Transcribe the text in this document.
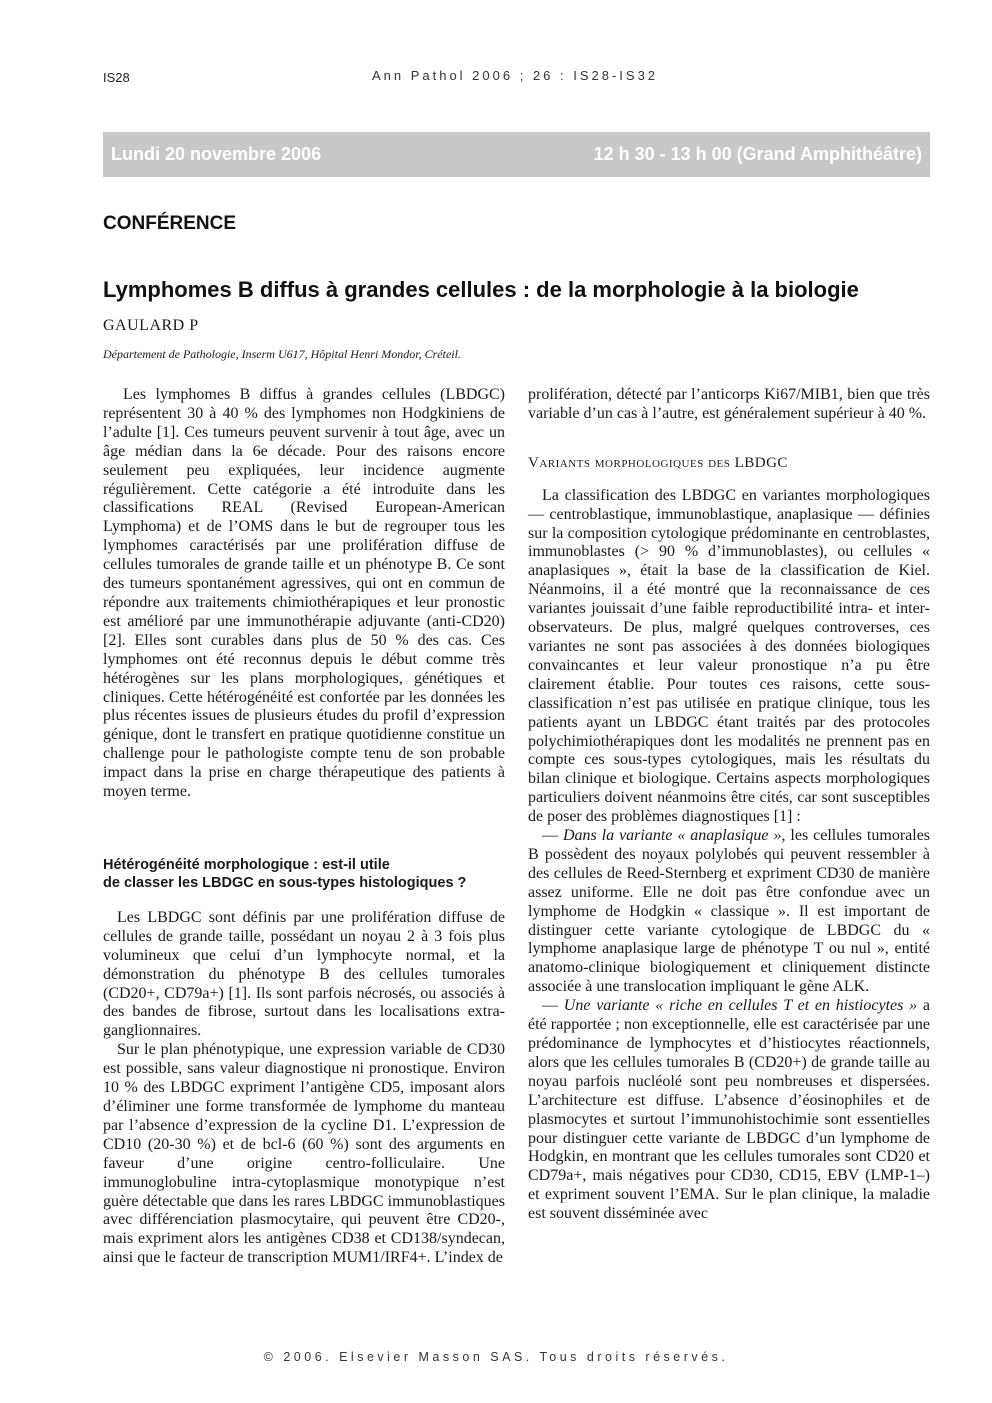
IS28	Ann Pathol 2006 ; 26 : IS28-IS32
Lundi 20 novembre 2006	12 h 30 - 13 h 00 (Grand Amphithéâtre)
CONFÉRENCE
Lymphomes B diffus à grandes cellules : de la morphologie à la biologie
GAULARD P
Département de Pathologie, Inserm U617, Hôpital Henri Mondor, Créteil.

Les lymphomes B diffus à grandes cellules (LBDGC) représentent 30 à 40 % des lymphomes non Hodgkiniens de l’adulte [1]. Ces tumeurs peuvent survenir à tout âge, avec un âge médian dans la 6e décade. Pour des raisons encore seulement peu expliquées, leur incidence augmente régulièrement. Cette catégorie a été introduite dans les classifications REAL (Revised European-American Lymphoma) et de l’OMS dans le but de regrouper tous les lymphomes caractérisés par une prolifération diffuse de cellules tumorales de grande taille et un phénotype B. Ce sont des tumeurs spontanément agressives, qui ont en commun de répondre aux traitements chimiothérapiques et leur pronostic est amélioré par une immunothérapie adjuvante (anti-CD20) [2]. Elles sont curables dans plus de 50 % des cas. Ces lymphomes ont été reconnus depuis le début comme très hétérogènes sur les plans morphologiques, génétiques et cliniques. Cette hétérogénéité est confortée par les données les plus récentes issues de plusieurs études du profil d’expression génique, dont le transfert en pratique quotidienne constitue un challenge pour le pathologiste compte tenu de son probable impact dans la prise en charge thérapeutique des patients à moyen terme.

Hétérogénéité morphologique : est-il utile
de classer les LBDGC en sous-types histologiques ?

Les LBDGC sont définis par une prolifération diffuse de cellules de grande taille, possédant un noyau 2 à 3 fois plus volumineux que celui d’un lymphocyte normal, et la démonstration du phénotype B des cellules tumorales (CD20+, CD79a+) [1]. Ils sont parfois nécrosés, ou associés à des bandes de fibrose, surtout dans les localisations extra-ganglionnaires.

Sur le plan phénotypique, une expression variable de CD30 est possible, sans valeur diagnostique ni pronostique. Environ 10 % des LBDGC expriment l’antigène CD5, imposant alors d’éliminer une forme transformée de lymphome du manteau par l’absence d’expression de la cycline D1. L’expression de CD10 (20-30 %) et de bcl-6 (60 %) sont des arguments en faveur d’une origine centro-folliculaire. Une immunoglobuline intra-cytoplasmique monotypique n’est guère détectable que dans les rares LBDGC immunoblastiques avec différenciation plasmocytaire, qui peuvent être CD20-, mais expriment alors les antigènes CD38 et CD138/syndecan, ainsi que le facteur de transcription MUM1/IRF4+. L’index de

prolifération, détecté par l’anticorps Ki67/MIB1, bien que très variable d’un cas à l’autre, est généralement supérieur à 40 %.

Variants morphologiques des LBDGC

La classification des LBDGC en variantes morphologiques — centroblastique, immunoblastique, anaplasique — définies sur la composition cytologique prédominante en centroblastes, immunoblastes (> 90 % d’immunoblastes), ou cellules « anaplasiques », était la base de la classification de Kiel. Néanmoins, il a été montré que la reconnaissance de ces variantes jouissait d’une faible reproductibilité intra- et inter-observateurs. De plus, malgré quelques controverses, ces variantes ne sont pas associées à des données biologiques convaincantes et leur valeur pronostique n’a pu être clairement établie. Pour toutes ces raisons, cette sous-classification n’est pas utilisée en pratique clinique, tous les patients ayant un LBDGC étant traités par des protocoles polychimiothérapiques dont les modalités ne prennent pas en compte ces sous-types cytologiques, mais les résultats du bilan clinique et biologique. Certains aspects morphologiques particuliers doivent néanmoins être cités, car sont susceptibles de poser des problèmes diagnostiques [1] :

— Dans la variante « anaplasique », les cellules tumorales B possèdent des noyaux polylobés qui peuvent ressembler à des cellules de Reed-Sternberg et expriment CD30 de manière assez uniforme. Elle ne doit pas être confondue avec un lymphome de Hodgkin « classique ». Il est important de distinguer cette variante cytologique de LBDGC du « lymphome anaplasique large de phénotype T ou nul », entité anatomo-clinique biologiquement et cliniquement distincte associée à une translocation impliquant le gène ALK.

— Une variante « riche en cellules T et en histiocytes » a été rapportée ; non exceptionnelle, elle est caractérisée par une prédominance de lymphocytes et d’histiocytes réactionnels, alors que les cellules tumorales B (CD20+) de grande taille au noyau parfois nucléolé sont peu nombreuses et dispersées. L’architecture est diffuse. L’absence d’éosinophiles et de plasmocytes et surtout l’immunohistochimie sont essentielles pour distinguer cette variante de LBDGC d’un lymphome de Hodgkin, en montrant que les cellules tumorales sont CD20 et CD79a+, mais négatives pour CD30, CD15, EBV (LMP-1–) et expriment souvent l’EMA. Sur le plan clinique, la maladie est souvent disséminée avec

© 2006. Elsevier Masson SAS. Tous droits réservés.
